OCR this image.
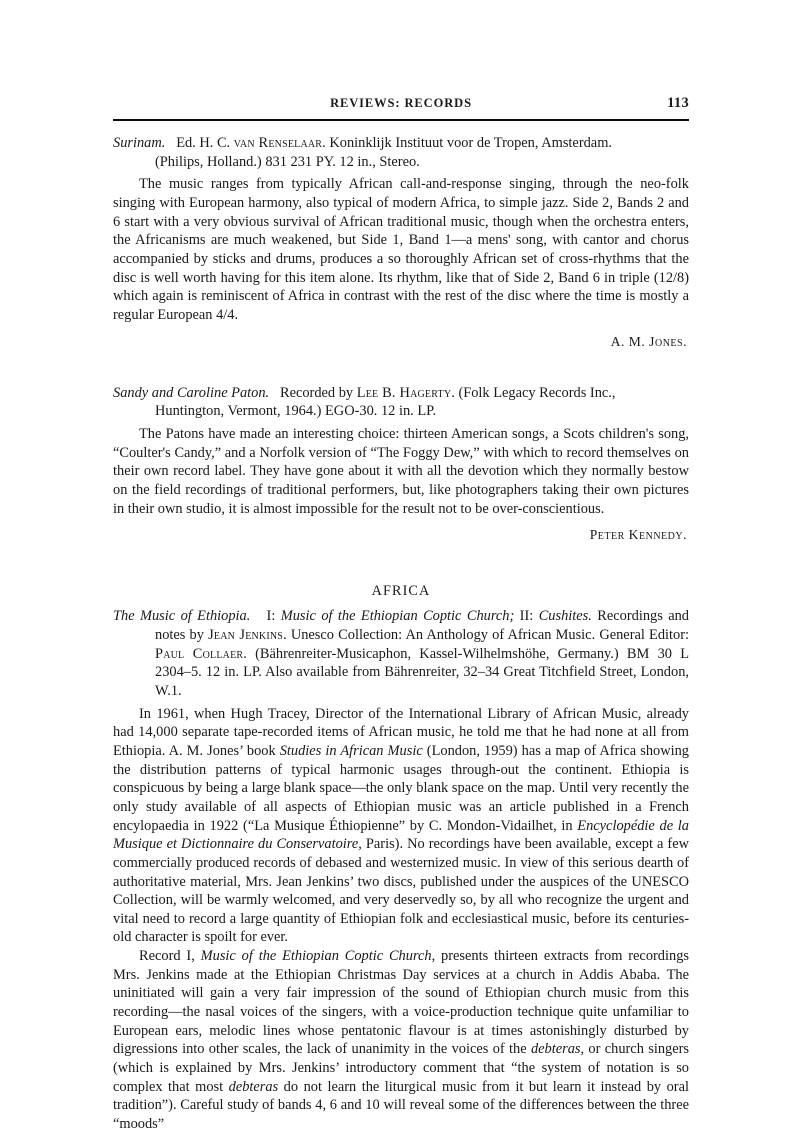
REVIEWS: RECORDS	113
Surinam. Ed. H. C. van Renselaar. Koninklijk Instituut voor de Tropen, Amsterdam.
(Philips, Holland.) 831 231 PY. 12 in., Stereo.

The music ranges from typically African call-and-response singing, through the neo-folk singing with European harmony, also typical of modern Africa, to simple jazz. Side 2, Bands 2 and 6 start with a very obvious survival of African traditional music, though when the orchestra enters, the Africanisms are much weakened, but Side 1, Band 1—a mens' song, with cantor and chorus accompanied by sticks and drums, produces a so thoroughly African set of cross-rhythms that the disc is well worth having for this item alone. Its rhythm, like that of Side 2, Band 6 in triple (12/8) which again is reminiscent of Africa in contrast with the rest of the disc where the time is mostly a regular European 4/4.

A. M. Jones.
Sandy and Caroline Paton. Recorded by Lee B. Hagerty. (Folk Legacy Records Inc.,
Huntington, Vermont, 1964.) EGO-30. 12 in. LP.

The Patons have made an interesting choice: thirteen American songs, a Scots children's song, “Coulter's Candy,” and a Norfolk version of “The Foggy Dew,” with which to record themselves on their own record label. They have gone about it with all the devotion which they normally bestow on the field recordings of traditional performers, but, like photographers taking their own pictures in their own studio, it is almost impossible for the result not to be over-conscientious.

Peter Kennedy.
AFRICA
The Music of Ethiopia. I: Music of the Ethiopian Coptic Church; II: Cushites. Recordings and notes by Jean Jenkins. Unesco Collection: An Anthology of African Music. General Editor: Paul Collaer. (Bährenreiter-Musicaphon, Kassel-Wilhelmshöhe, Germany.) BM 30 L 2304–5. 12 in. LP. Also available from Bährenreiter, 32–34 Great Titchfield Street, London, W.1.

In 1961, when Hugh Tracey, Director of the International Library of African Music, already had 14,000 separate tape-recorded items of African music, he told me that he had none at all from Ethiopia. A. M. Jones’ book Studies in African Music (London, 1959) has a map of Africa showing the distribution patterns of typical harmonic usages through-out the continent. Ethiopia is conspicuous by being a large blank space—the only blank space on the map. Until very recently the only study available of all aspects of Ethiopian music was an article published in a French encylopaedia in 1922 (“La Musique Éthiopienne” by C. Mondon-Vidailhet, in Encyclopédie de la Musique et Dictionnaire du Conservatoire, Paris). No recordings have been available, except a few commercially produced records of debased and westernized music. In view of this serious dearth of authoritative material, Mrs. Jean Jenkins’ two discs, published under the auspices of the UNESCO Collection, will be warmly welcomed, and very deservedly so, by all who recognize the urgent and vital need to record a large quantity of Ethiopian folk and ecclesiastical music, before its centuries-old character is spoilt for ever.

Record I, Music of the Ethiopian Coptic Church, presents thirteen extracts from recordings Mrs. Jenkins made at the Ethiopian Christmas Day services at a church in Addis Ababa. The uninitiated will gain a very fair impression of the sound of Ethiopian church music from this recording—the nasal voices of the singers, with a voice-production technique quite unfamiliar to European ears, melodic lines whose pentatonic flavour is at times astonishingly disturbed by digressions into other scales, the lack of unanimity in the voices of the debteras, or church singers (which is explained by Mrs. Jenkins’ introductory comment that “the system of notation is so complex that most debteras do not learn the liturgical music from it but learn it instead by oral tradition”). Careful study of bands 4, 6 and 10 will reveal some of the differences between the three “moods”
